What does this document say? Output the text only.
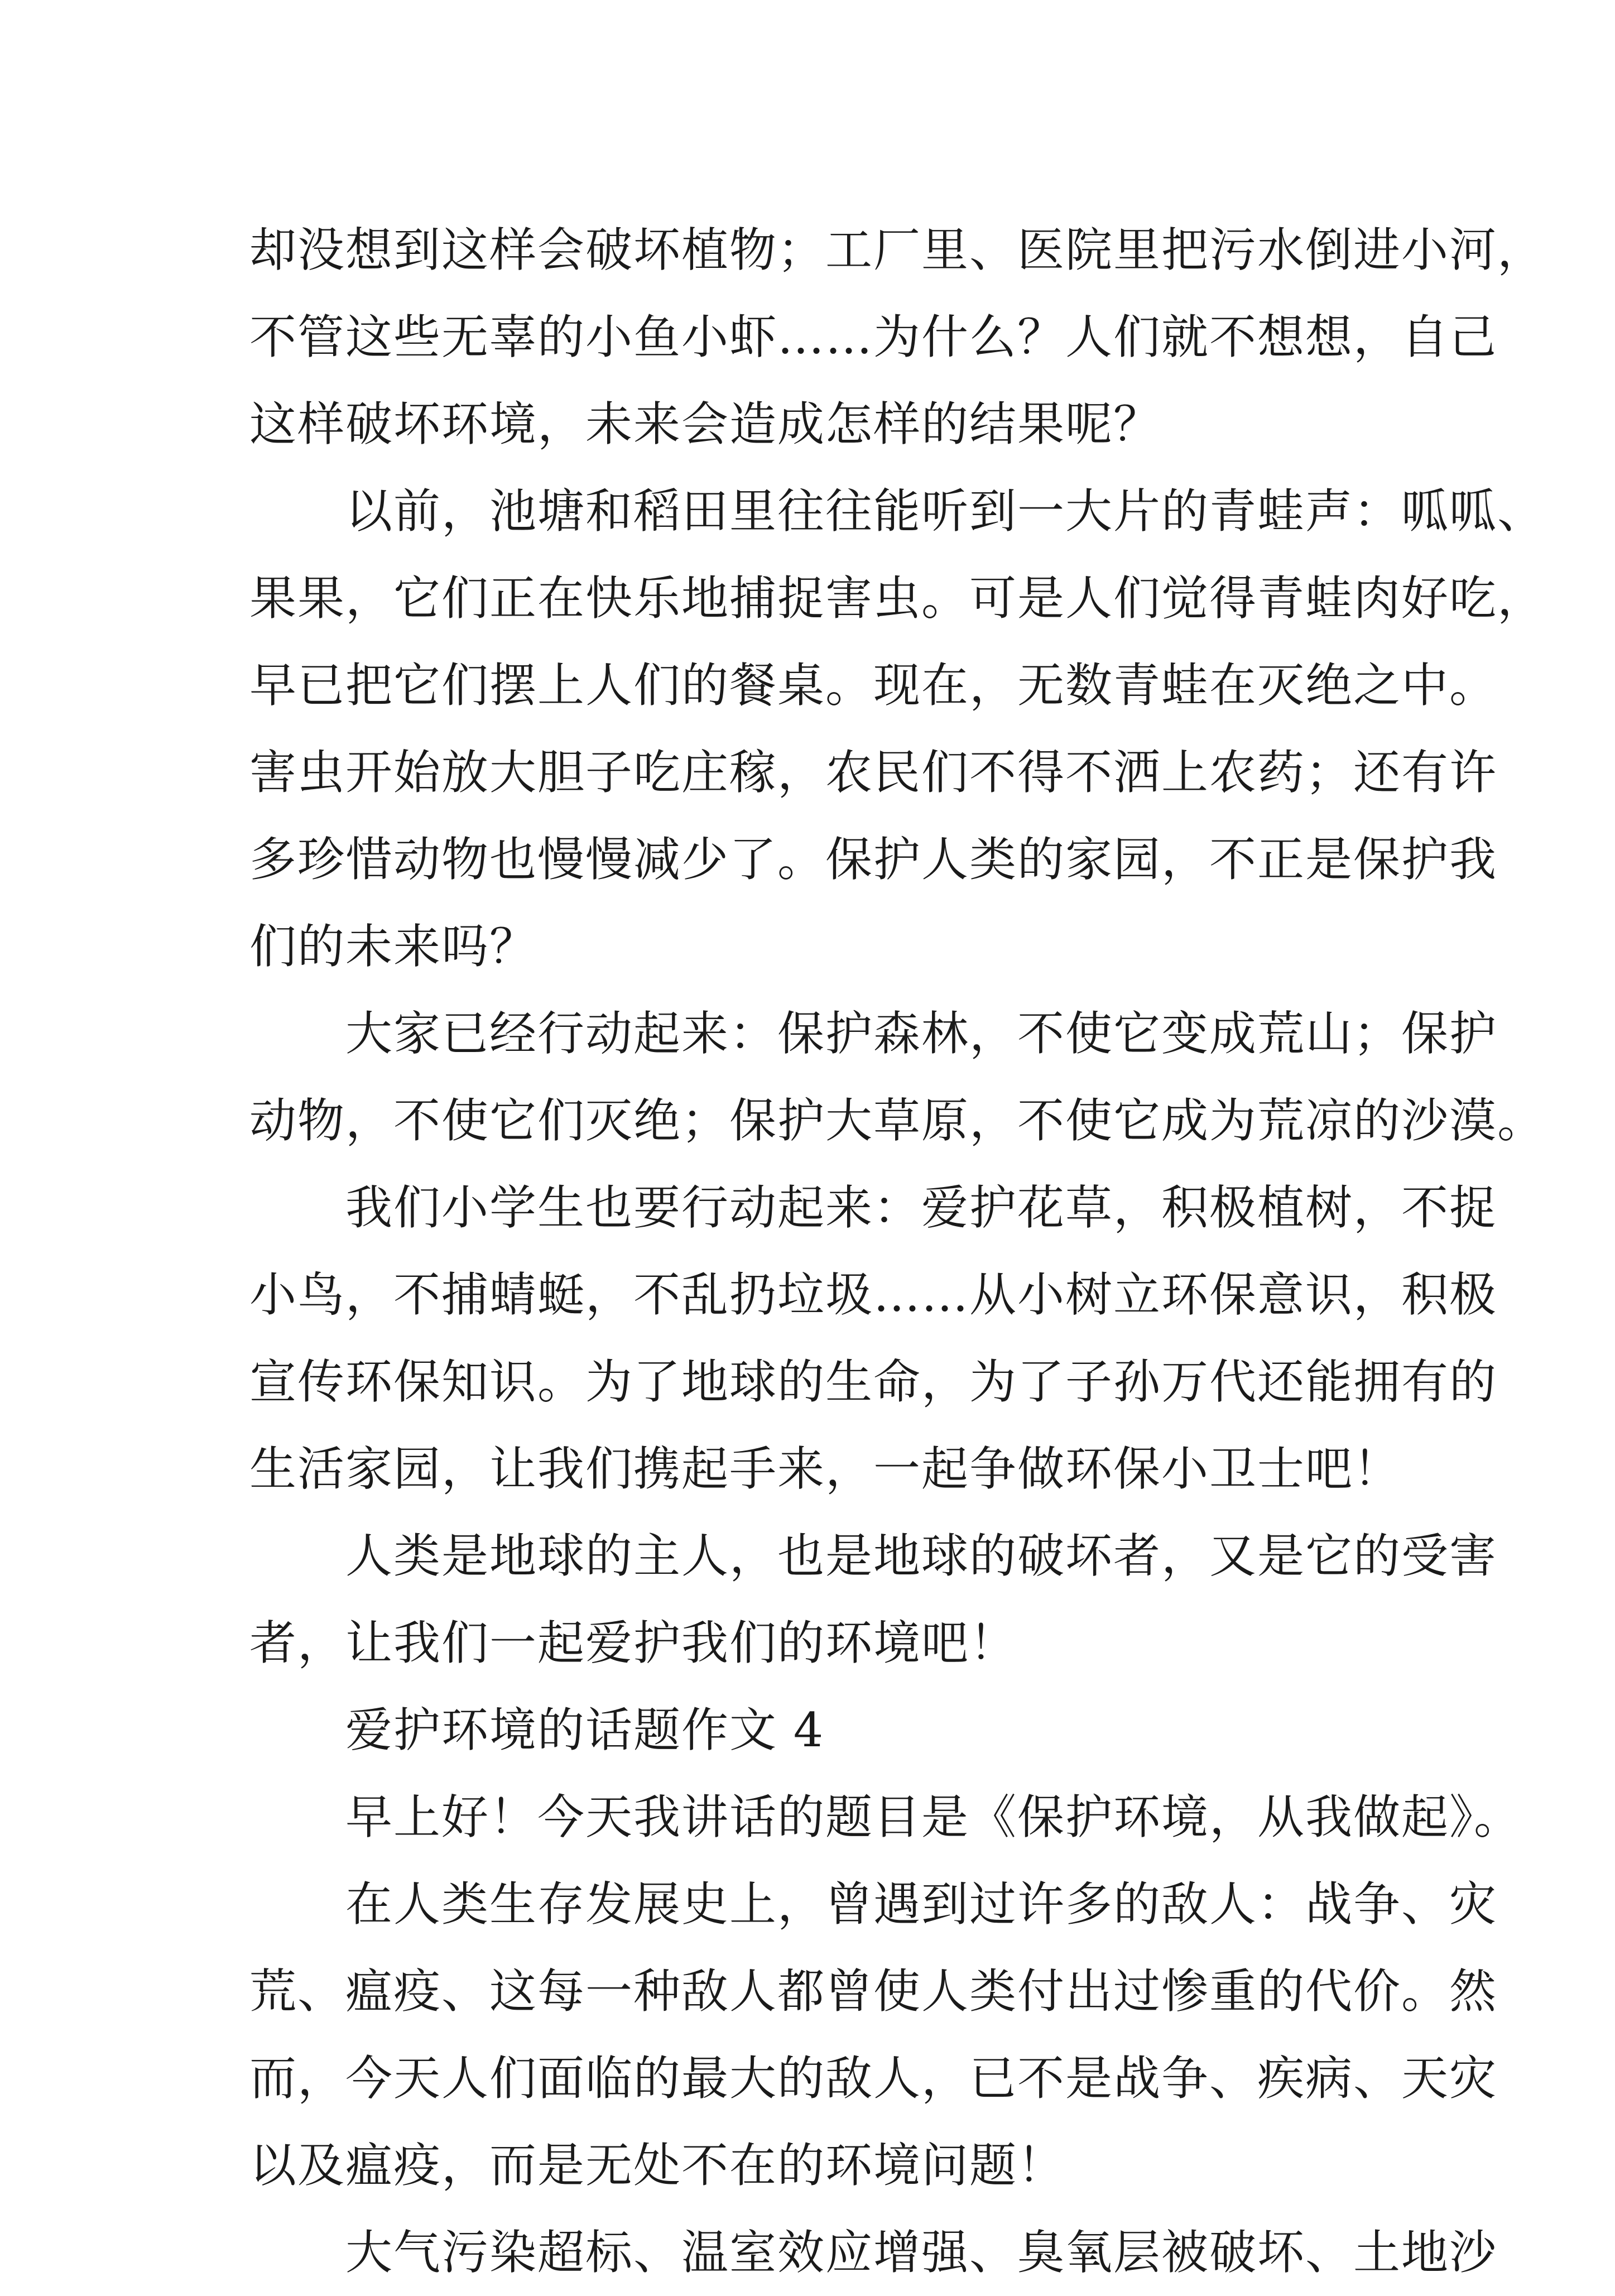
却没想到这样会破坏植物；工厂里、医院里把污水倒进小河，
不管这些无辜的小鱼小虾……为什么？人们就不想想，自己
这样破坏环境，未来会造成怎样的结果呢？
　　以前，池塘和稻田里往往能听到一大片的青蛙声：呱呱、
果果，它们正在快乐地捕捉害虫。可是人们觉得青蛙肉好吃，
早已把它们摆上人们的餐桌。现在，无数青蛙在灭绝之中。
害虫开始放大胆子吃庄稼，农民们不得不洒上农药；还有许
多珍惜动物也慢慢减少了。保护人类的家园，不正是保护我
们的未来吗？
　　大家已经行动起来：保护森林，不使它变成荒山；保护
动物，不使它们灭绝；保护大草原，不使它成为荒凉的沙漠。
　　我们小学生也要行动起来：爱护花草，积极植树，不捉
小鸟，不捕蜻蜓，不乱扔垃圾……从小树立环保意识，积极
宣传环保知识。为了地球的生命，为了子孙万代还能拥有的
生活家园，让我们携起手来，一起争做环保小卫士吧！
　　人类是地球的主人，也是地球的破坏者，又是它的受害
者，让我们一起爱护我们的环境吧！
　　爱护环境的话题作文 4
　　早上好！今天我讲话的题目是《保护环境，从我做起》。
　　在人类生存发展史上，曾遇到过许多的敌人：战争、灾
荒、瘟疫、这每一种敌人都曾使人类付出过惨重的代价。然
而，今天人们面临的最大的敌人，已不是战争、疾病、天灾
以及瘟疫，而是无处不在的环境问题！
　　大气污染超标、温室效应增强、臭氧层被破坏、土地沙
